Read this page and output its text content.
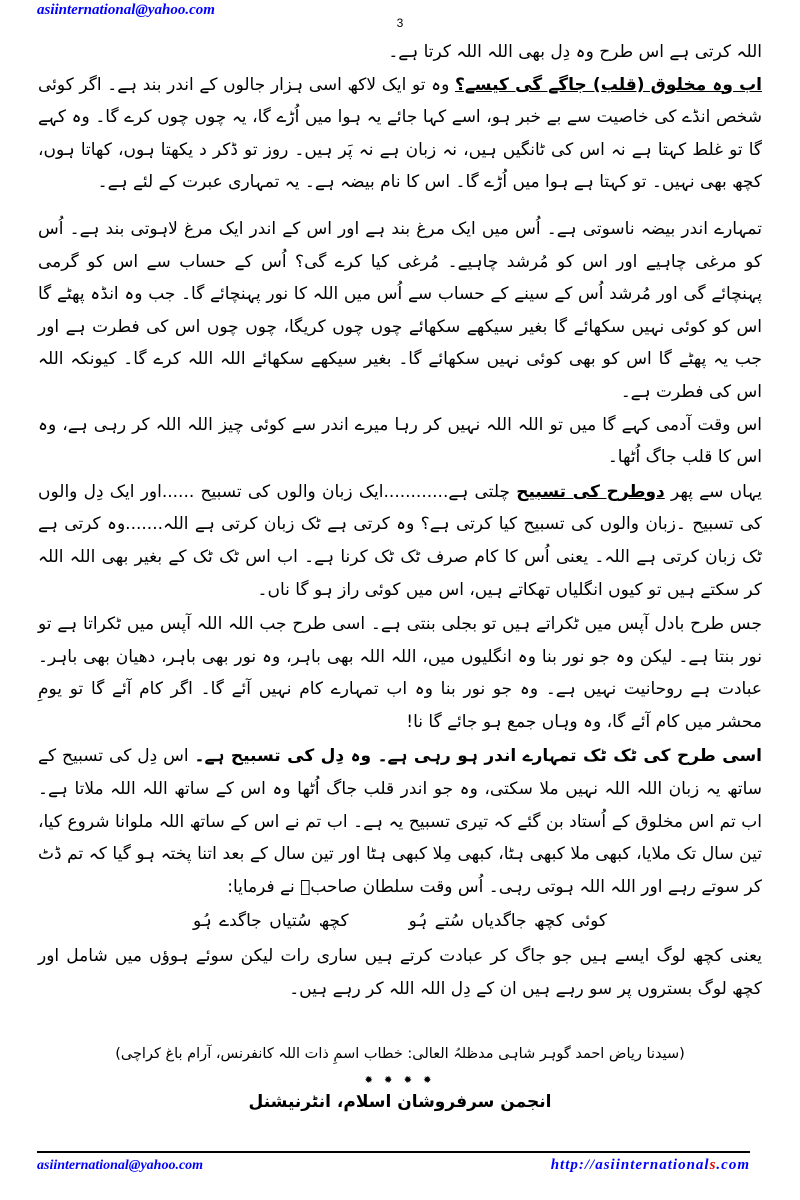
asiinternational@yahoo.com
3

اللہ کرتی ہے اس طرح وہ دِل بھی اللہ اللہ کرتا ہے۔

اب وہ مخلوق (قلب) جاگے گی کیسے؟ وہ تو ایک لاکھ اسی ہزار جالوں کے اندر بند ہے۔ اگر کوئی شخص انڈے کی خاصیت سے بے خبر ہو، اسے کہا جائے یہ ہوا میں اُڑے گا، یہ چوں چوں کرے گا۔ وہ کہے گا تو غلط کہتا ہے نہ اس کی ٹانگیں ہیں، نہ زبان ہے نہ پَر ہیں۔ روز تو ڈکر د یکھتا ہوں، کھاتا ہوں، کچھ بھی نہیں۔ تو کہتا ہے ہوا میں اُڑے گا۔ اس کا نام بیضہ ہے۔ یہ تمہاری عبرت کے لئے ہے۔

تمہارے اندر بیضہ ناسوتی ہے۔ اُس میں ایک مرغ بند ہے اور اس کے اندر ایک مرغ لاہوتی بند ہے۔ اُس کو مرغی چاہیے اور اس کو مُرشد چاہیے۔ مُرغی کیا کرے گی؟ اُس کے حساب سے اس کو گرمی پہنچائے گی اور مُرشد اُس کے سینے کے حساب سے اُس میں اللہ کا نور پہنچائے گا۔ جب وہ انڈہ پھٹے گا اس کو کوئی نہیں سکھائے گا بغیر سیکھے سکھائے چوں چوں کریگا، چوں چوں اس کی فطرت ہے اور جب یہ پھٹے گا اس کو بھی کوئی نہیں سکھائے گا۔ بغیر سیکھے سکھائے اللہ اللہ کرے گا۔ کیونکہ اللہ اس کی فطرت ہے۔

اس وقت آدمی کہے گا میں تو اللہ اللہ نہیں کر رہا میرے اندر سے کوئی چیز اللہ اللہ کر رہی ہے، وہ اس کا قلب جاگ اُٹھا۔

یہاں سے پھر دوطرح کی تسبیح چلتی ہے............ایک زبان والوں کی تسبیح ......اور ایک دِل والوں کی تسبیح ۔زبان والوں کی تسبیح کیا کرتی ہے؟ وہ کرتی ہے ٹک زبان کرتی ہے اللہ.......وہ کرتی ہے ٹک زبان کرتی ہے اللہ۔ یعنی اُس کا کام صرف ٹک ٹک کرنا ہے۔ اب اس ٹک ٹک کے بغیر بھی اللہ اللہ کر سکتے ہیں تو کیوں انگلیاں تھکاتے ہیں، اس میں کوئی راز ہو گا ناں۔

جس طرح بادل آپس میں ٹکراتے ہیں تو بجلی بنتی ہے۔ اسی طرح جب اللہ اللہ آپس میں ٹکراتا ہے تو نور بنتا ہے۔ لیکن وہ جو نور بنا وہ انگلیوں میں، اللہ اللہ بھی باہر، وہ نور بھی باہر، دھیان بھی باہر۔ عبادت ہے روحانیت نہیں ہے۔ وہ جو نور بنا وہ اب تمہارے کام نہیں آئے گا۔ اگر کام آئے گا تو یومِ محشر میں کام آئے گا، وہ وہاں جمع ہو جائے گا نا!

اسی طرح کی ٹک ٹک تمہارے اندر ہو رہی ہے۔ وہ دِل کی تسبیح ہے۔ اس دِل کی تسبیح کے ساتھ یہ زبان اللہ اللہ نہیں ملا سکتی، وہ جو اندر قلب جاگ اُٹھا وہ اس کے ساتھ اللہ اللہ ملاتا ہے۔ اب تم اس مخلوق کے اُستاد بن گئے کہ تیری تسبیح یہ ہے۔ اب تم نے اس کے ساتھ اللہ ملوانا شروع کیا، تین سال تک ملایا، کبھی ملا کبھی ہٹا، کبھی مِلا کبھی ہٹا اور تین سال کے بعد اتنا پختہ ہو گیا کہ تم ڈٹ کر سوتے رہے اور اللہ اللہ ہوتی رہی۔ اُس وقت سلطان صاحبؒ نے فرمایا:

کوئی کچھ جاگدیاں سُتے ہُوکچھ سُتیاں جاگدے ہُو

یعنی کچھ لوگ ایسے ہیں جو جاگ کر عبادت کرتے ہیں ساری رات لیکن سوئے ہوؤں میں شامل اور کچھ لوگ بستروں پر سو رہے ہیں ان کے دِل اللہ اللہ کر رہے ہیں۔

(سیدنا ریاض احمد گوہر شاہی مدظلہُ العالی: خطاب اسمِ ذات اللہ کانفرنس، آرام باغ کراچی)
✹ ✹ ✹ ✹
انجمن سرفروشان اسلام، انٹرنیشنل
asiinternational@yahoo.com	http://asiinternationals.com
